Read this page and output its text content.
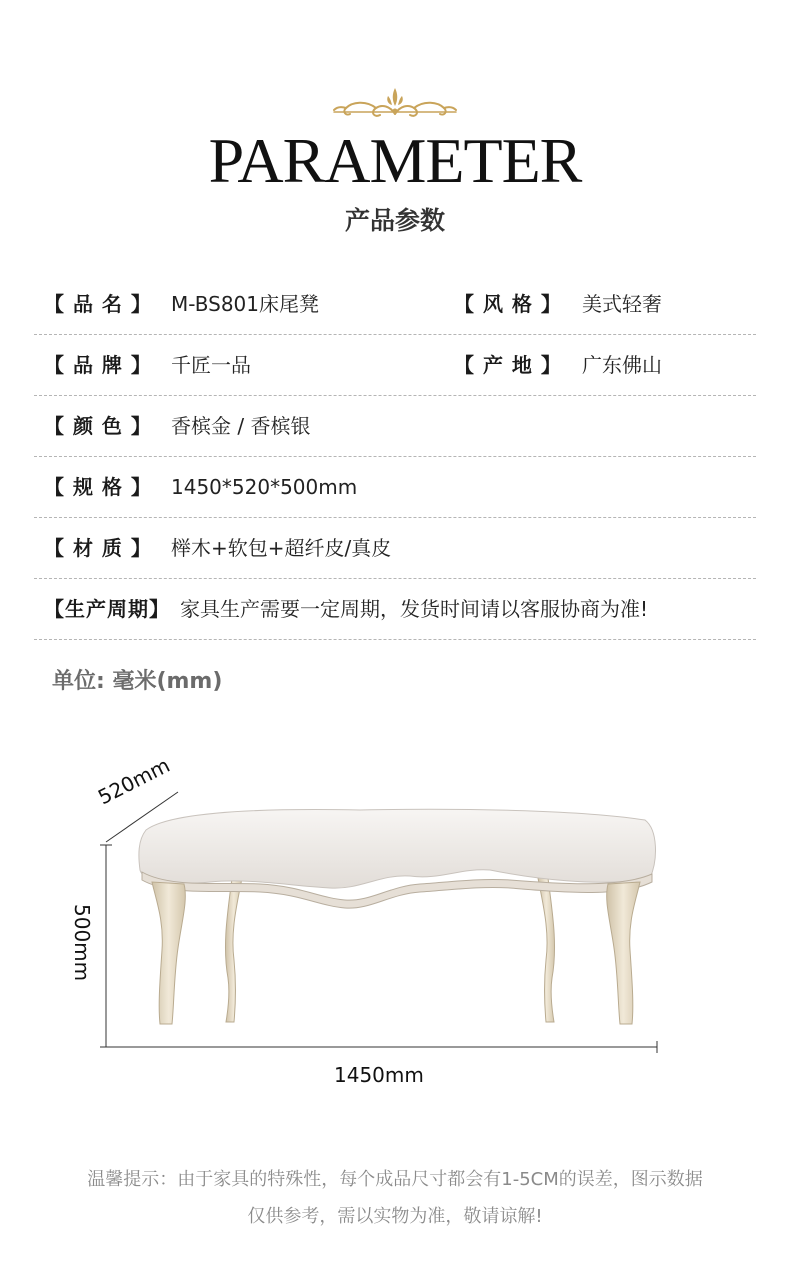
PARAMETER
产品参数
【 品 名 】 M-BS801床尾凳	【 风 格 】 美式轻奢
【 品 牌 】 千匠一品	【 产 地 】 广东佛山
【 颜 色 】 香槟金 / 香槟银
【 规 格 】 1450*520*500mm
【 材 质 】 榉木+软包+超纤皮/真皮
【生产周期】 家具生产需要一定周期，发货时间请以客服协商为准!
单位: 毫米(mm)
520mm
500mm
1450mm
温馨提示：由于家具的特殊性，每个成品尺寸都会有1-5CM的误差，图示数据
仅供参考，需以实物为准，敬请谅解!
